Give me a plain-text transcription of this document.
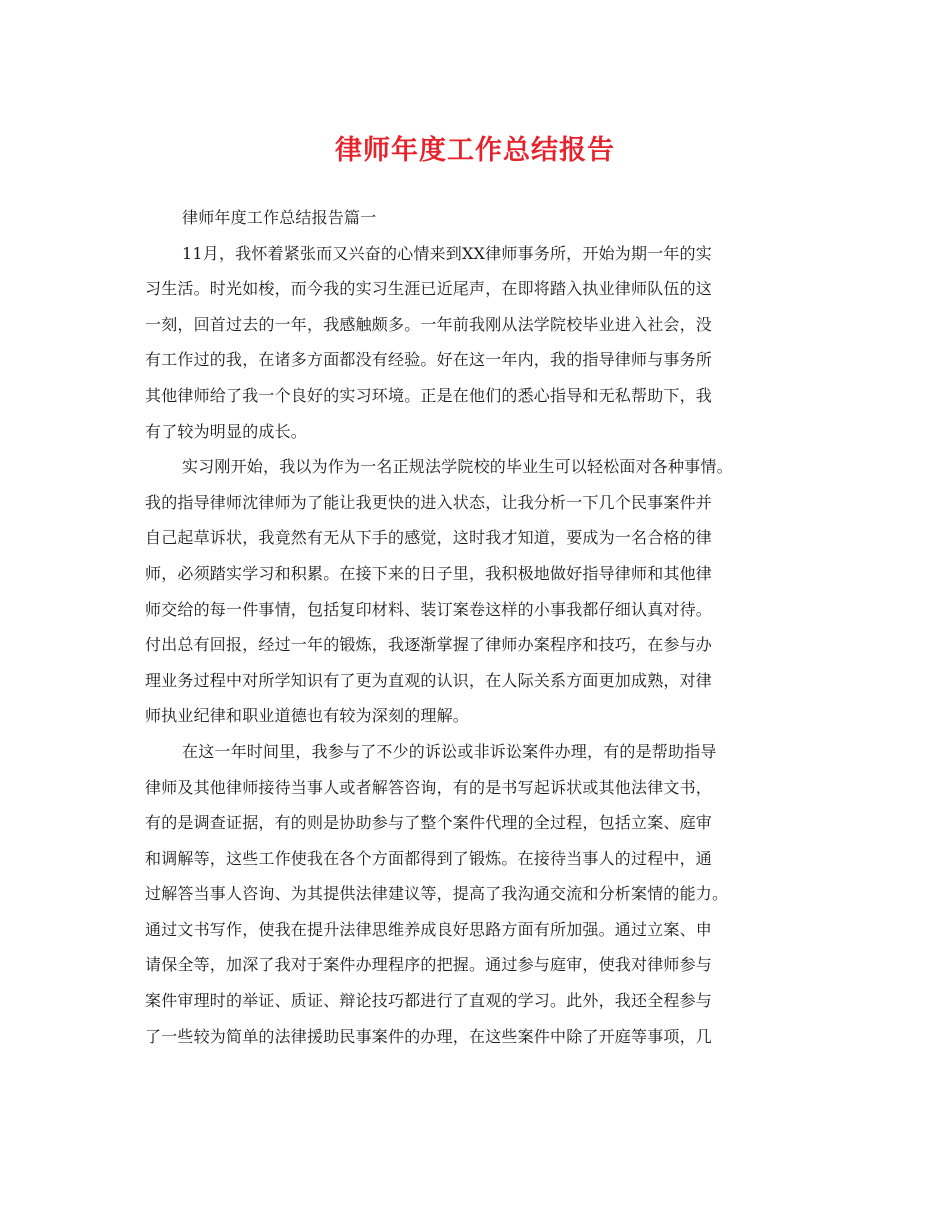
律师年度工作总结报告
律师年度工作总结报告篇一
11月，我怀着紧张而又兴奋的心情来到XX律师事务所，开始为期一年的实
习生活。时光如梭，而今我的实习生涯已近尾声，在即将踏入执业律师队伍的这
一刻，回首过去的一年，我感触颇多。一年前我刚从法学院校毕业进入社会，没
有工作过的我，在诸多方面都没有经验。好在这一年内，我的指导律师与事务所
其他律师给了我一个良好的实习环境。正是在他们的悉心指导和无私帮助下，我
有了较为明显的成长。
实习刚开始，我以为作为一名正规法学院校的毕业生可以轻松面对各种事情。
我的指导律师沈律师为了能让我更快的进入状态，让我分析一下几个民事案件并
自己起草诉状，我竟然有无从下手的感觉，这时我才知道，要成为一名合格的律
师，必须踏实学习和积累。在接下来的日子里，我积极地做好指导律师和其他律
师交给的每一件事情，包括复印材料、装订案卷这样的小事我都仔细认真对待。
付出总有回报，经过一年的锻炼，我逐渐掌握了律师办案程序和技巧，在参与办
理业务过程中对所学知识有了更为直观的认识，在人际关系方面更加成熟，对律
师执业纪律和职业道德也有较为深刻的理解。
在这一年时间里，我参与了不少的诉讼或非诉讼案件办理，有的是帮助指导
律师及其他律师接待当事人或者解答咨询，有的是书写起诉状或其他法律文书，
有的是调查证据，有的则是协助参与了整个案件代理的全过程，包括立案、庭审
和调解等，这些工作使我在各个方面都得到了锻炼。在接待当事人的过程中，通
过解答当事人咨询、为其提供法律建议等，提高了我沟通交流和分析案情的能力。
通过文书写作，使我在提升法律思维养成良好思路方面有所加强。通过立案、申
请保全等，加深了我对于案件办理程序的把握。通过参与庭审，使我对律师参与
案件审理时的举证、质证、辩论技巧都进行了直观的学习。此外，我还全程参与
了一些较为简单的法律援助民事案件的办理，在这些案件中除了开庭等事项，几
